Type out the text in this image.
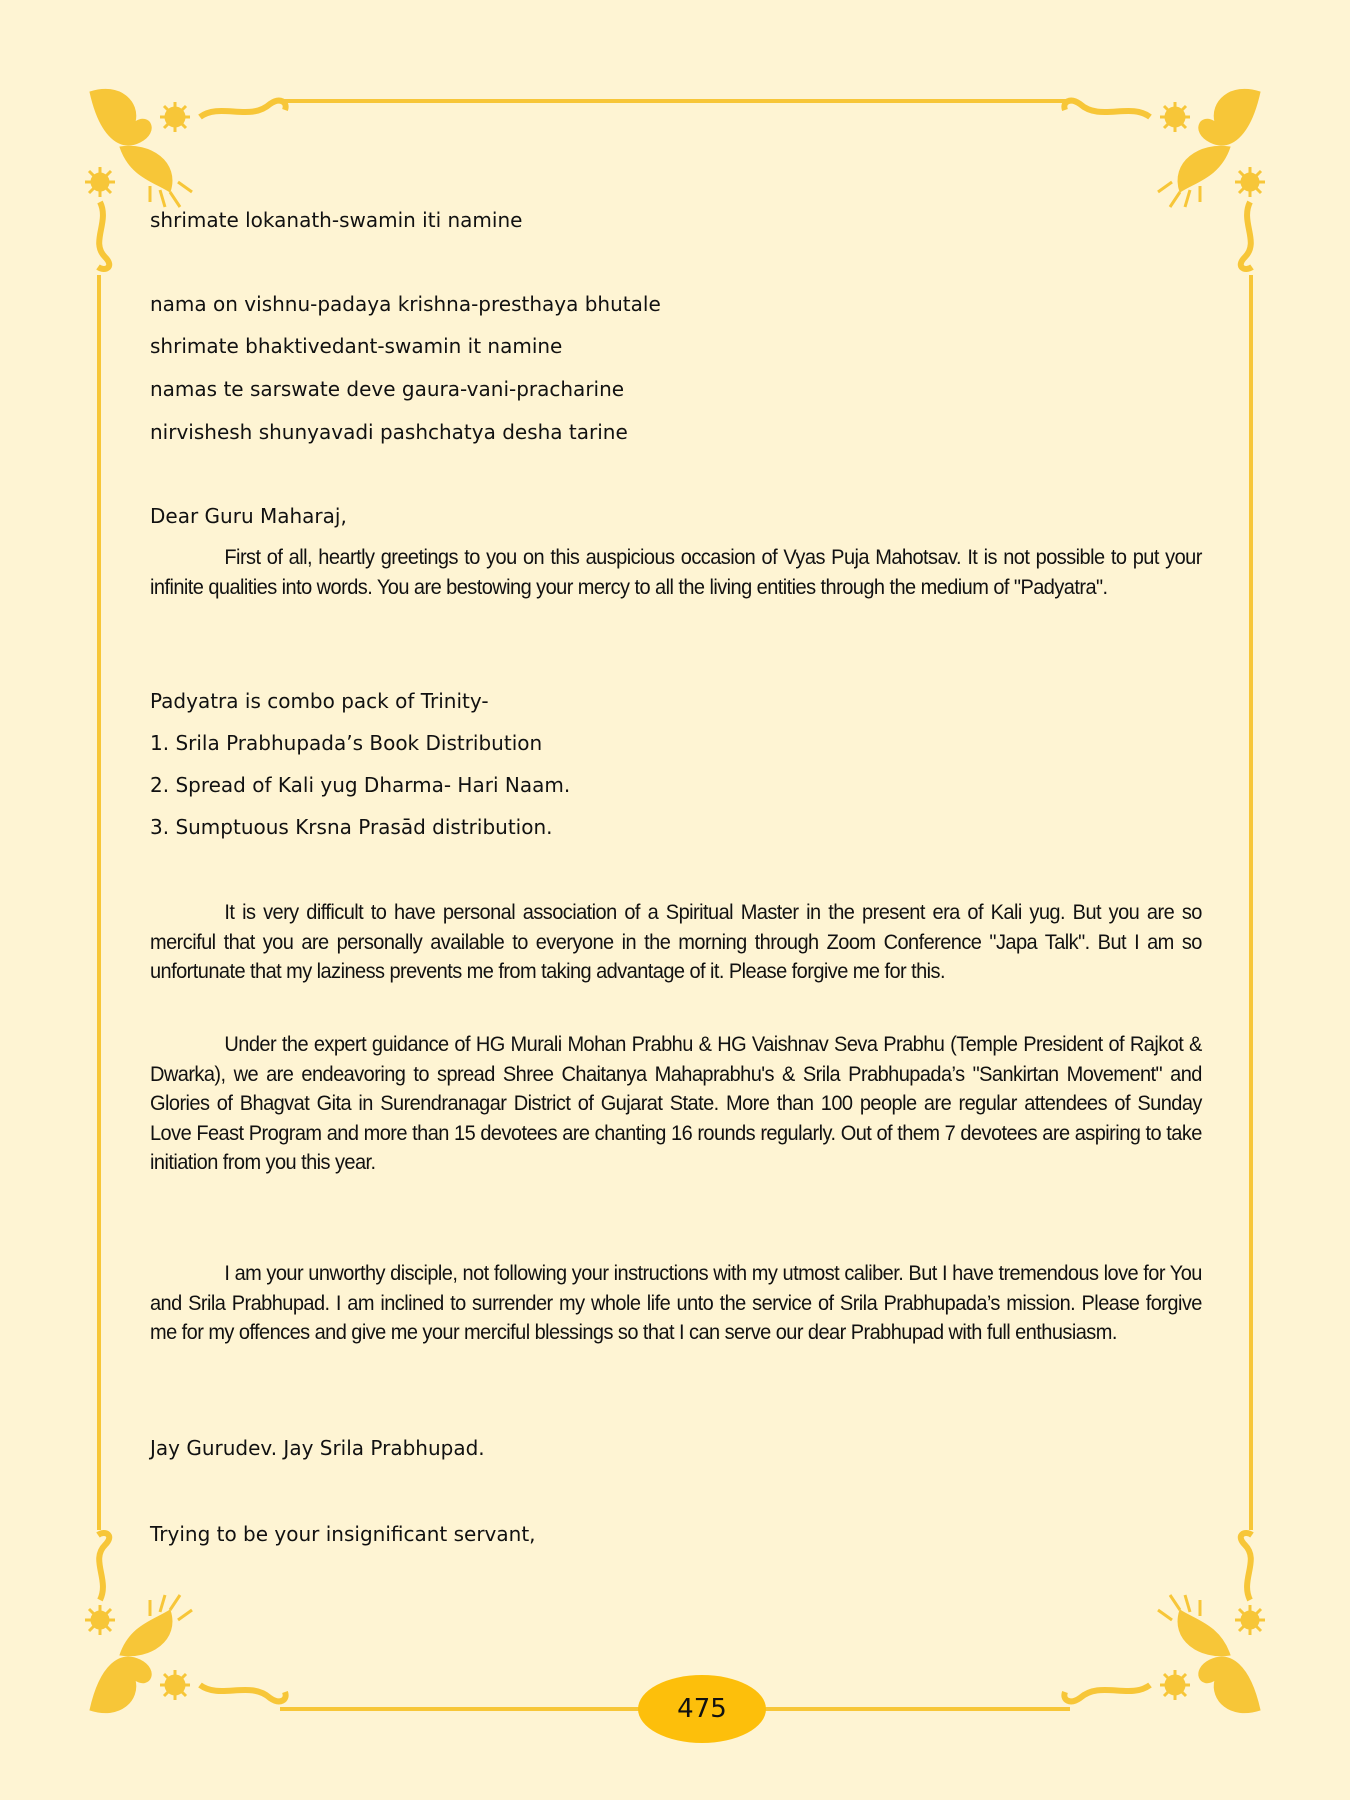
shrimate lokanath-swamin iti namine
nama on vishnu-padaya krishna-presthaya bhutale
shrimate bhaktivedant-swamin it namine
namas te sarswate deve gaura-vani-pracharine
nirvishesh shunyavadi pashchatya desha tarine
Dear Guru Maharaj,
First of all, heartly greetings to you on this auspicious occasion of Vyas Puja Mahotsav. It is not possible to put your infinite qualities into words. You are bestowing your mercy to all the living entities through the medium of "Padyatra".
Padyatra is combo pack of Trinity-
1. Srila Prabhupada’s Book Distribution
2. Spread of Kali yug Dharma- Hari Naam.
3. Sumptuous Krsna Prasād distribution.
It is very difficult to have personal association of a Spiritual Master in the present era of Kali yug. But you are so merciful that you are personally available to everyone in the morning through Zoom Conference "Japa Talk". But I am so unfortunate that my laziness prevents me from taking advantage of it. Please forgive me for this.
Under the expert guidance of HG Murali Mohan Prabhu & HG Vaishnav Seva Prabhu (Temple President of Rajkot & Dwarka), we are endeavoring to spread Shree Chaitanya Mahaprabhu's & Srila Prabhupada’s "Sankirtan Movement" and Glories of Bhagvat Gita in Surendranagar District of Gujarat State. More than 100 people are regular attendees of Sunday Love Feast Program and more than 15 devotees are chanting 16 rounds regularly. Out of them 7 devotees are aspiring to take initiation from you this year.
I am your unworthy disciple, not following your instructions with my utmost caliber. But I have tremendous love for You and Srila Prabhupad. I am inclined to surrender my whole life unto the service of Srila Prabhupada’s mission. Please forgive me for my offences and give me your merciful blessings so that I can serve our dear Prabhupad with full enthusiasm.
Jay Gurudev. Jay Srila Prabhupad.
Trying to be your insignificant servant,
475
